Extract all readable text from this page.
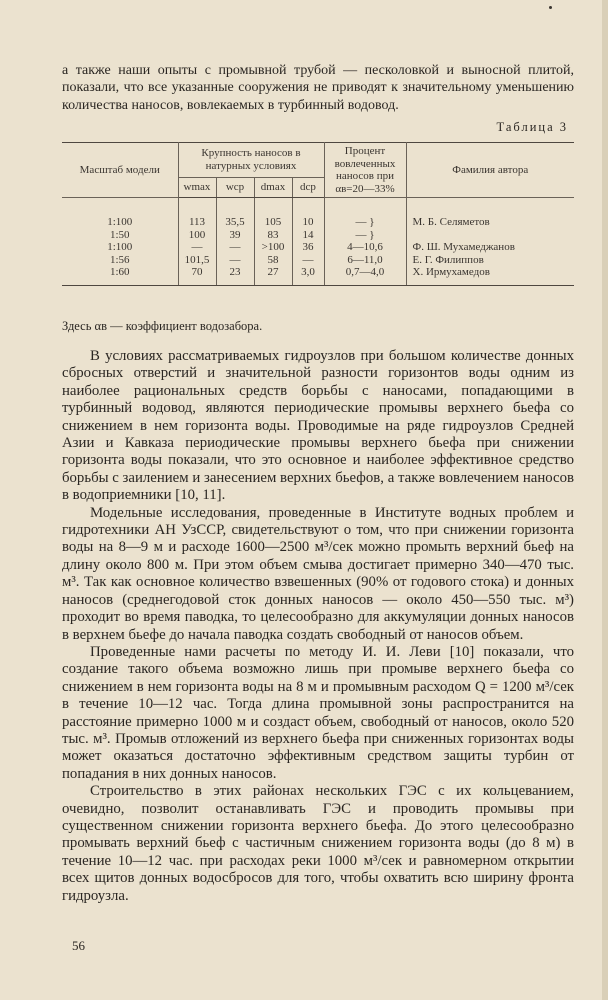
а также наши опыты с промывной трубой — песколовкой и выносной плитой, показали, что все указанные сооружения не приводят к значительному уменьшению количества наносов, вовлекаемых в турбинный водовод.

Таблица 3
Масштаб модели	Крупность наносов в натурных условиях				Процент вовлеченных наносов при αв=20—33%	Фамилия автора
	wmax	wср	dmax	dср		

1:100	113	35,5	105	10	— }	М. Б. Селяметов
1:50	100	39	83	14	— }	
1:100	—	—	>100	36	4—10,6	Ф. Ш. Мухамеджанов
1:56	101,5	—	58	—	6—11,0	Е. Г. Филиппов
1:60	70	23	27	3,0	0,7—4,0	Х. Ирмухамедов

Здесь αв — коэффициент водозабора.

В условиях рассматриваемых гидроузлов при большом количестве донных сбросных отверстий и значительной разности горизонтов воды одним из наиболее рациональных средств борьбы с наносами, попадающими в турбинный водовод, являются периодические промывы верхнего бьефа со снижением в нем горизонта воды. Проводимые на ряде гидроузлов Средней Азии и Кавказа периодические промывы верхнего бьефа при снижении горизонта воды показали, что это основное и наиболее эффективное средство борьбы с заилением и занесением верхних бьефов, а также вовлечением наносов в водоприемники [10, 11].

Модельные исследования, проведенные в Институте водных проблем и гидротехники АН УзССР, свидетельствуют о том, что при снижении горизонта воды на 8—9 м и расходе 1600—2500 м³/сек можно промыть верхний бьеф на длину около 800 м. При этом объем смыва достигает примерно 340—470 тыс. м³. Так как основное количество взвешенных (90% от годового стока) и донных наносов (среднегодовой сток донных наносов — около 450—550 тыс. м³) проходит во время паводка, то целесообразно для аккумуляции донных наносов в верхнем бьефе до начала паводка создать свободный от наносов объем.

Проведенные нами расчеты по методу И. И. Леви [10] показали, что создание такого объема возможно лишь при промыве верхнего бьефа со снижением в нем горизонта воды на 8 м и промывным расходом Q = 1200 м³/сек в течение 10—12 час. Тогда длина промывной зоны распространится на расстояние примерно 1000 м и создаст объем, свободный от наносов, около 520 тыс. м³. Промыв отложений из верхнего бьефа при сниженных горизонтах воды может оказаться достаточно эффективным средством защиты турбин от попадания в них донных наносов.

Строительство в этих районах нескольких ГЭС с их кольцеванием, очевидно, позволит останавливать ГЭС и проводить промывы при существенном снижении горизонта верхнего бьефа. До этого целесообразно промывать верхний бьеф с частичным снижением горизонта воды (до 8 м) в течение 10—12 час. при расходах реки 1000 м³/сек и равномерном открытии всех щитов донных водосбросов для того, чтобы охватить всю ширину фронта гидроузла.

56
